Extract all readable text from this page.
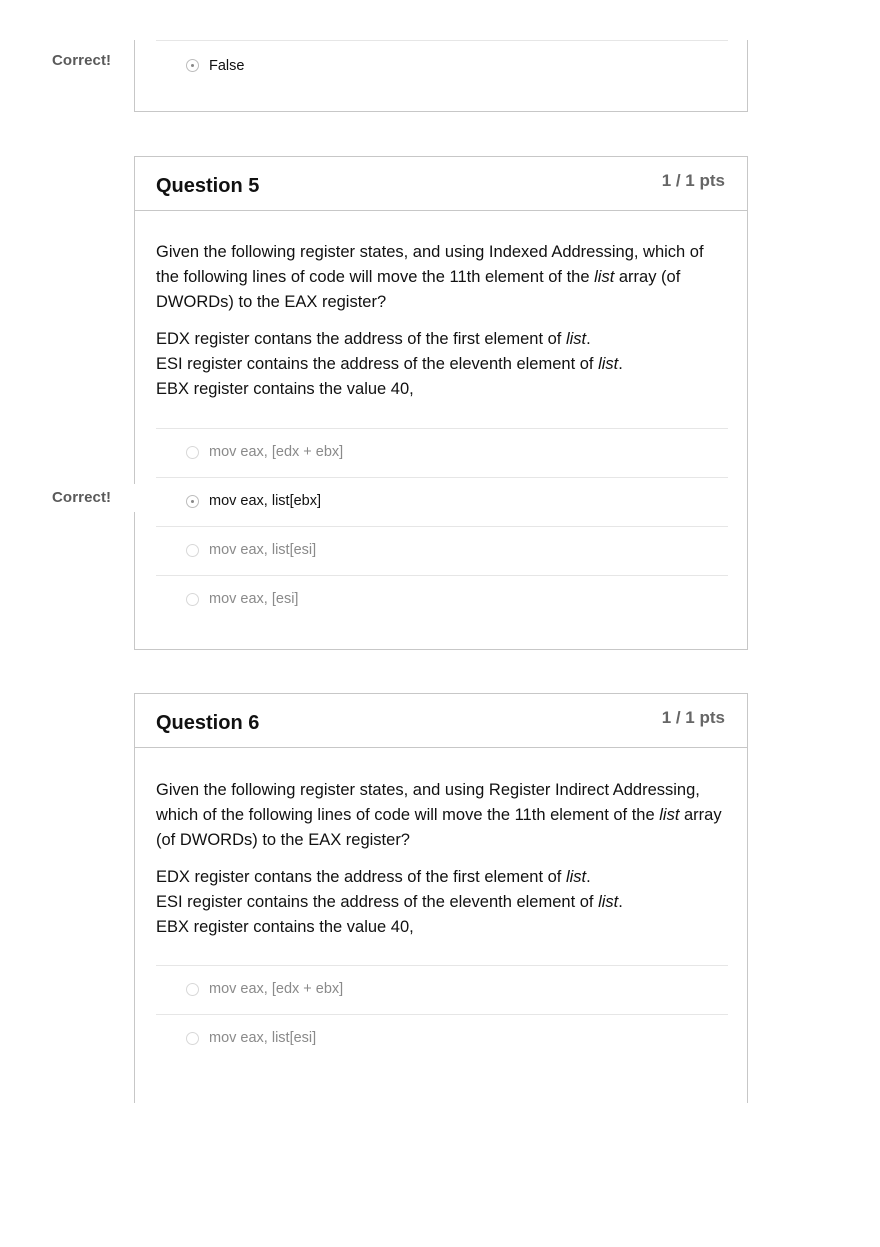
Correct!	False
Question 5	1 / 1 pts

Given the following register states, and using Indexed Addressing, which of the following lines of code will move the 11th element of the list array (of DWORDs) to the EAX register?

EDX register contans the address of the first element of list.
ESI register contains the address of the eleventh element of list.
EBX register contains the value 40,

mov eax, [edx + ebx]
mov eax, list[ebx]
mov eax, list[esi]
mov eax, [esi]
Correct!
Question 6	1 / 1 pts

Given the following register states, and using Register Indirect Addressing, which of the following lines of code will move the 11th element of the list array (of DWORDs) to the EAX register?

EDX register contans the address of the first element of list.
ESI register contains the address of the eleventh element of list.
EBX register contains the value 40,

mov eax, [edx + ebx]
mov eax, list[esi]
